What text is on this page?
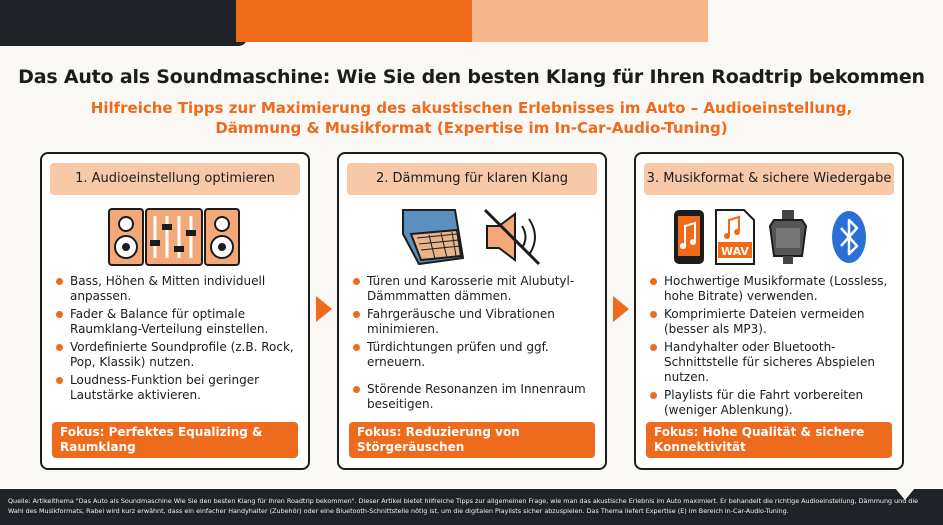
Das Auto als Soundmaschine: Wie Sie den besten Klang für Ihren Roadtrip bekommen
Hilfreiche Tipps zur Maximierung des akustischen Erlebnisses im Auto – Audioeinstellung,
Dämmung & Musikformat (Expertise im In-Car-Audio-Tuning)
1. Audioeinstellung optimieren
Bass, Höhen & Mitten individuell anpassen.
Fader & Balance für optimale Raumklang-Verteilung einstellen.
Vordefinierte Soundprofile (z.B. Rock, Pop, Klassik) nutzen.
Loudness-Funktion bei geringer Lautstärke aktivieren.
Fokus: Perfektes Equalizing & Raumklang
2. Dämmung für klaren Klang
Türen und Karosserie mit Alubutyl-Dämmmatten dämmen.
Fahrgeräusche und Vibrationen minimieren.
Türdichtungen prüfen und ggf. erneuern.
Störende Resonanzen im Innenraum beseitigen.
Fokus: Reduzierung von Störgeräuschen
3. Musikformat & sichere Wiedergabe
WAV
Hochwertige Musikformate (Lossless, hohe Bitrate) verwenden.
Komprimierte Dateien vermeiden (besser als MP3).
Handyhalter oder Bluetooth-Schnittstelle für sicheres Abspielen nutzen.
Playlists für die Fahrt vorbereiten (weniger Ablenkung).
Fokus: Hohe Qualität & sichere Konnektivität
Quelle: Artikelthema "Das Auto als Soundmaschine Wie Sie den besten Klang für Ihren Roadtrip bekommen". Dieser Artikel bietet hilfreiche Tipps zur allgemeinen Frage, wie man das akustische Erlebnis im Auto maximiert. Er behandelt die richtige Audioeinstellung, Dämmung und die Wahl des Musikformats, Rabei wird kurz erwähnt, dass ein einfacher Handyhalter (Zubehör) oder eine Bluetooth-Schnittstelle nötig ist, um die digitalen Playlists sicher abzuspielen. Das Thema liefert Expertise (E) im Bereich in-Car-Audio-Tuning.
